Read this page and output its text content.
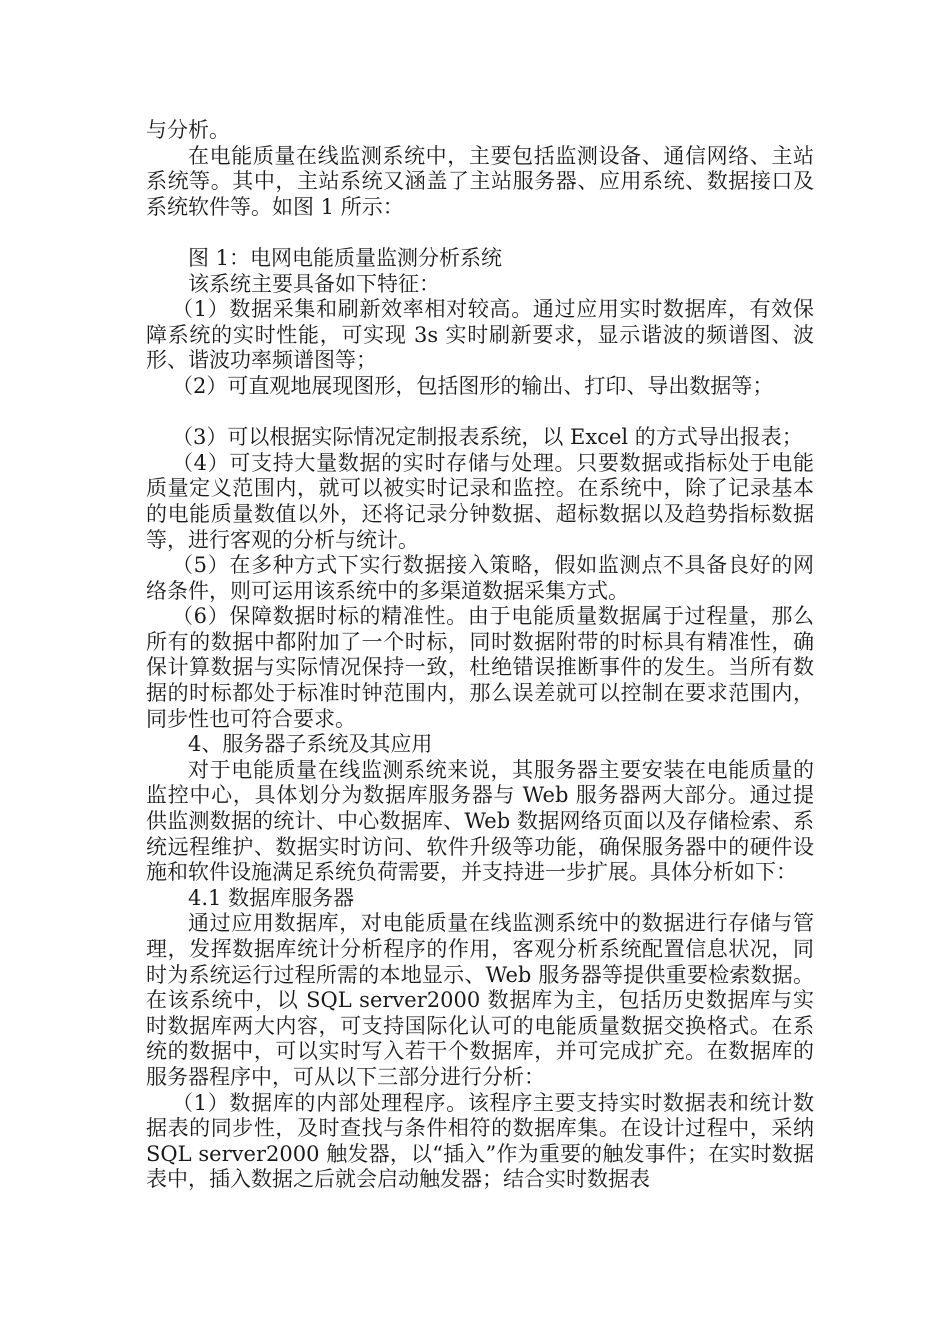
与分析。

在电能质量在线监测系统中，主要包括监测设备、通信网络、主站系统等。其中，主站系统又涵盖了主站服务器、应用系统、数据接口及系统软件等。如图 1 所示：

图 1：电网电能质量监测分析系统

该系统主要具备如下特征：

（1）数据采集和刷新效率相对较高。通过应用实时数据库，有效保障系统的实时性能，可实现 3s 实时刷新要求，显示谐波的频谱图、波形、谐波功率频谱图等；

（2）可直观地展现图形，包括图形的输出、打印、导出数据等；

（3）可以根据实际情况定制报表系统，以 Excel 的方式导出报表；

（4）可支持大量数据的实时存储与处理。只要数据或指标处于电能质量定义范围内，就可以被实时记录和监控。在系统中，除了记录基本的电能质量数值以外，还将记录分钟数据、超标数据以及趋势指标数据等，进行客观的分析与统计。

（5）在多种方式下实行数据接入策略，假如监测点不具备良好的网络条件，则可运用该系统中的多渠道数据采集方式。

（6）保障数据时标的精准性。由于电能质量数据属于过程量，那么所有的数据中都附加了一个时标，同时数据附带的时标具有精准性，确保计算数据与实际情况保持一致，杜绝错误推断事件的发生。当所有数据的时标都处于标准时钟范围内，那么误差就可以控制在要求范围内，同步性也可符合要求。

4、服务器子系统及其应用

对于电能质量在线监测系统来说，其服务器主要安装在电能质量的监控中心，具体划分为数据库服务器与 Web 服务器两大部分。通过提供监测数据的统计、中心数据库、Web 数据网络页面以及存储检索、系统远程维护、数据实时访问、软件升级等功能，确保服务器中的硬件设施和软件设施满足系统负荷需要，并支持进一步扩展。具体分析如下：

4.1 数据库服务器

通过应用数据库，对电能质量在线监测系统中的数据进行存储与管理，发挥数据库统计分析程序的作用，客观分析系统配置信息状况，同时为系统运行过程所需的本地显示、Web 服务器等提供重要检索数据。在该系统中，以 SQL server2000 数据库为主，包括历史数据库与实时数据库两大内容，可支持国际化认可的电能质量数据交换格式。在系统的数据中，可以实时写入若干个数据库，并可完成扩充。在数据库的服务器程序中，可从以下三部分进行分析：

（1）数据库的内部处理程序。该程序主要支持实时数据表和统计数据表的同步性，及时查找与条件相符的数据库集。在设计过程中，采纳 SQL server2000 触发器，以“插入”作为重要的触发事件；在实时数据表中，插入数据之后就会启动触发器；结合实时数据表
